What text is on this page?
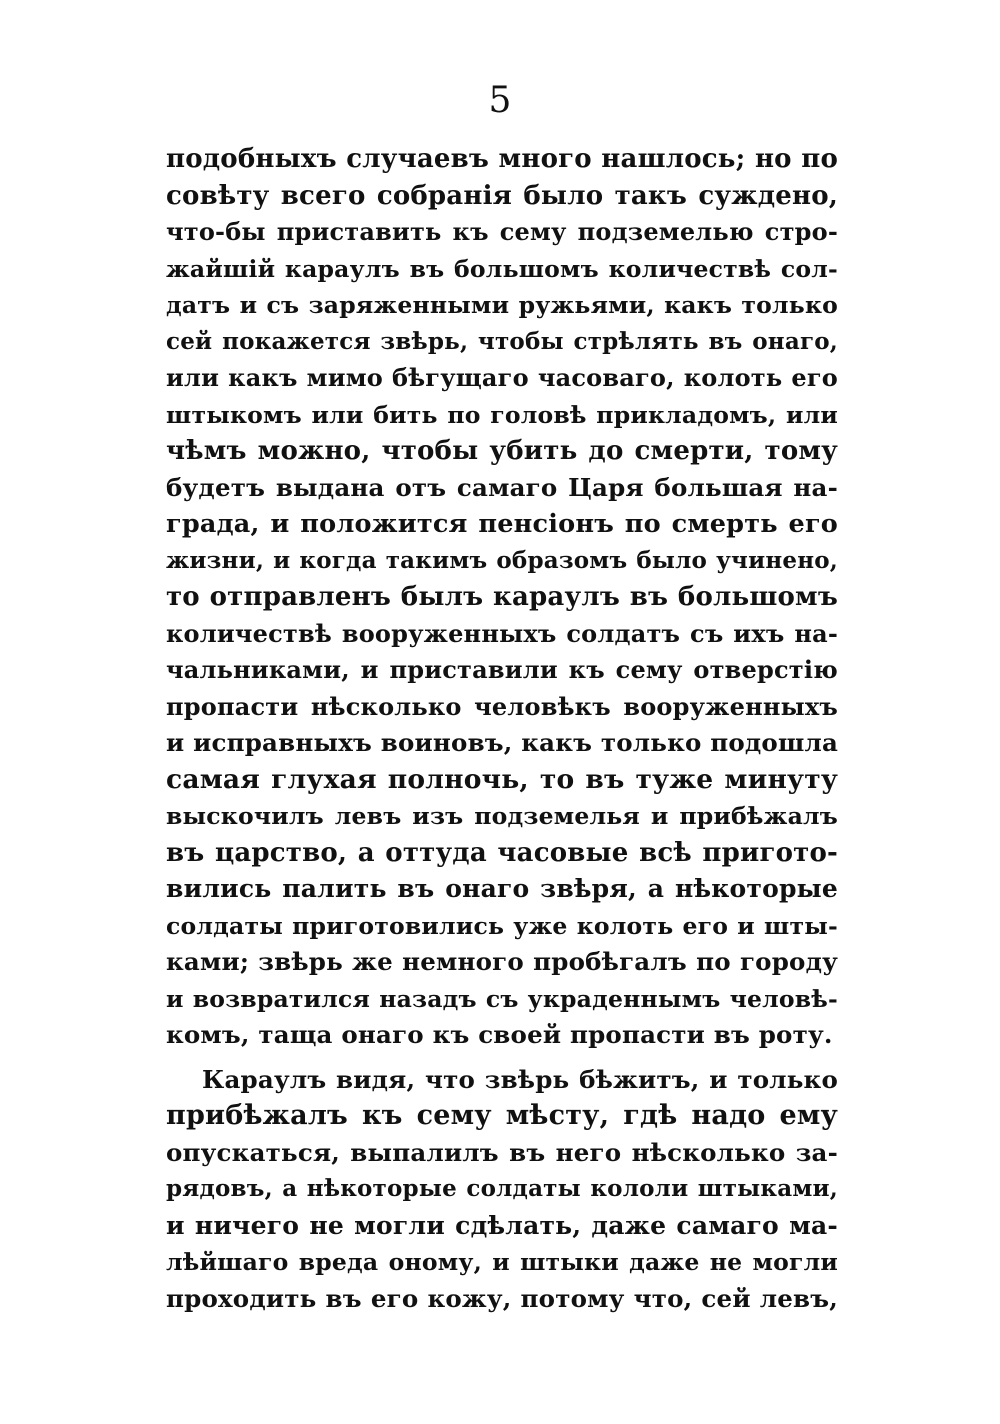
5
подобныхъ случаевъ много нашлось; но по
совѣту всего собранія было такъ суждено,
что-бы приставить къ сему подземелью стро-
жайшій караулъ въ большомъ количествѣ сол-
датъ и съ заряженными ружьями, какъ только
сей покажется звѣрь, чтобы стрѣлять въ онаго,
или какъ мимо бѣгущаго часоваго, колоть его
штыкомъ или бить по головѣ прикладомъ, или
чѣмъ можно, чтобы убить до смерти, тому
будетъ выдана отъ самаго Царя большая на-
града, и положится пенсіонъ по смерть его
жизни, и когда такимъ образомъ было учинено,
то отправленъ былъ караулъ въ большомъ
количествѣ вооруженныхъ солдатъ съ ихъ на-
чальниками, и приставили къ сему отверстію
пропасти нѣсколько человѣкъ вооруженныхъ
и исправныхъ воиновъ, какъ только подошла
самая глухая полночь, то въ туже минуту
выскочилъ левъ изъ подземелья и прибѣжалъ
въ царство, а оттуда часовые всѣ пригото-
вились палить въ онаго звѣря, а нѣкоторые
солдаты приготовились уже колоть его и шты-
ками; звѣрь же немного пробѣгалъ по городу
и возвратился назадъ съ украденнымъ человѣ-
комъ, таща онаго къ своей пропасти въ роту.
Караулъ видя, что звѣрь бѣжитъ, и только
прибѣжалъ къ сему мѣсту, гдѣ надо ему
опускаться, выпалилъ въ него нѣсколько за-
рядовъ, а нѣкоторые солдаты кололи штыками,
и ничего не могли сдѣлать, даже самаго ма-
лѣйшаго вреда оному, и штыки даже не могли
проходить въ его кожу, потому что, сей левъ,
